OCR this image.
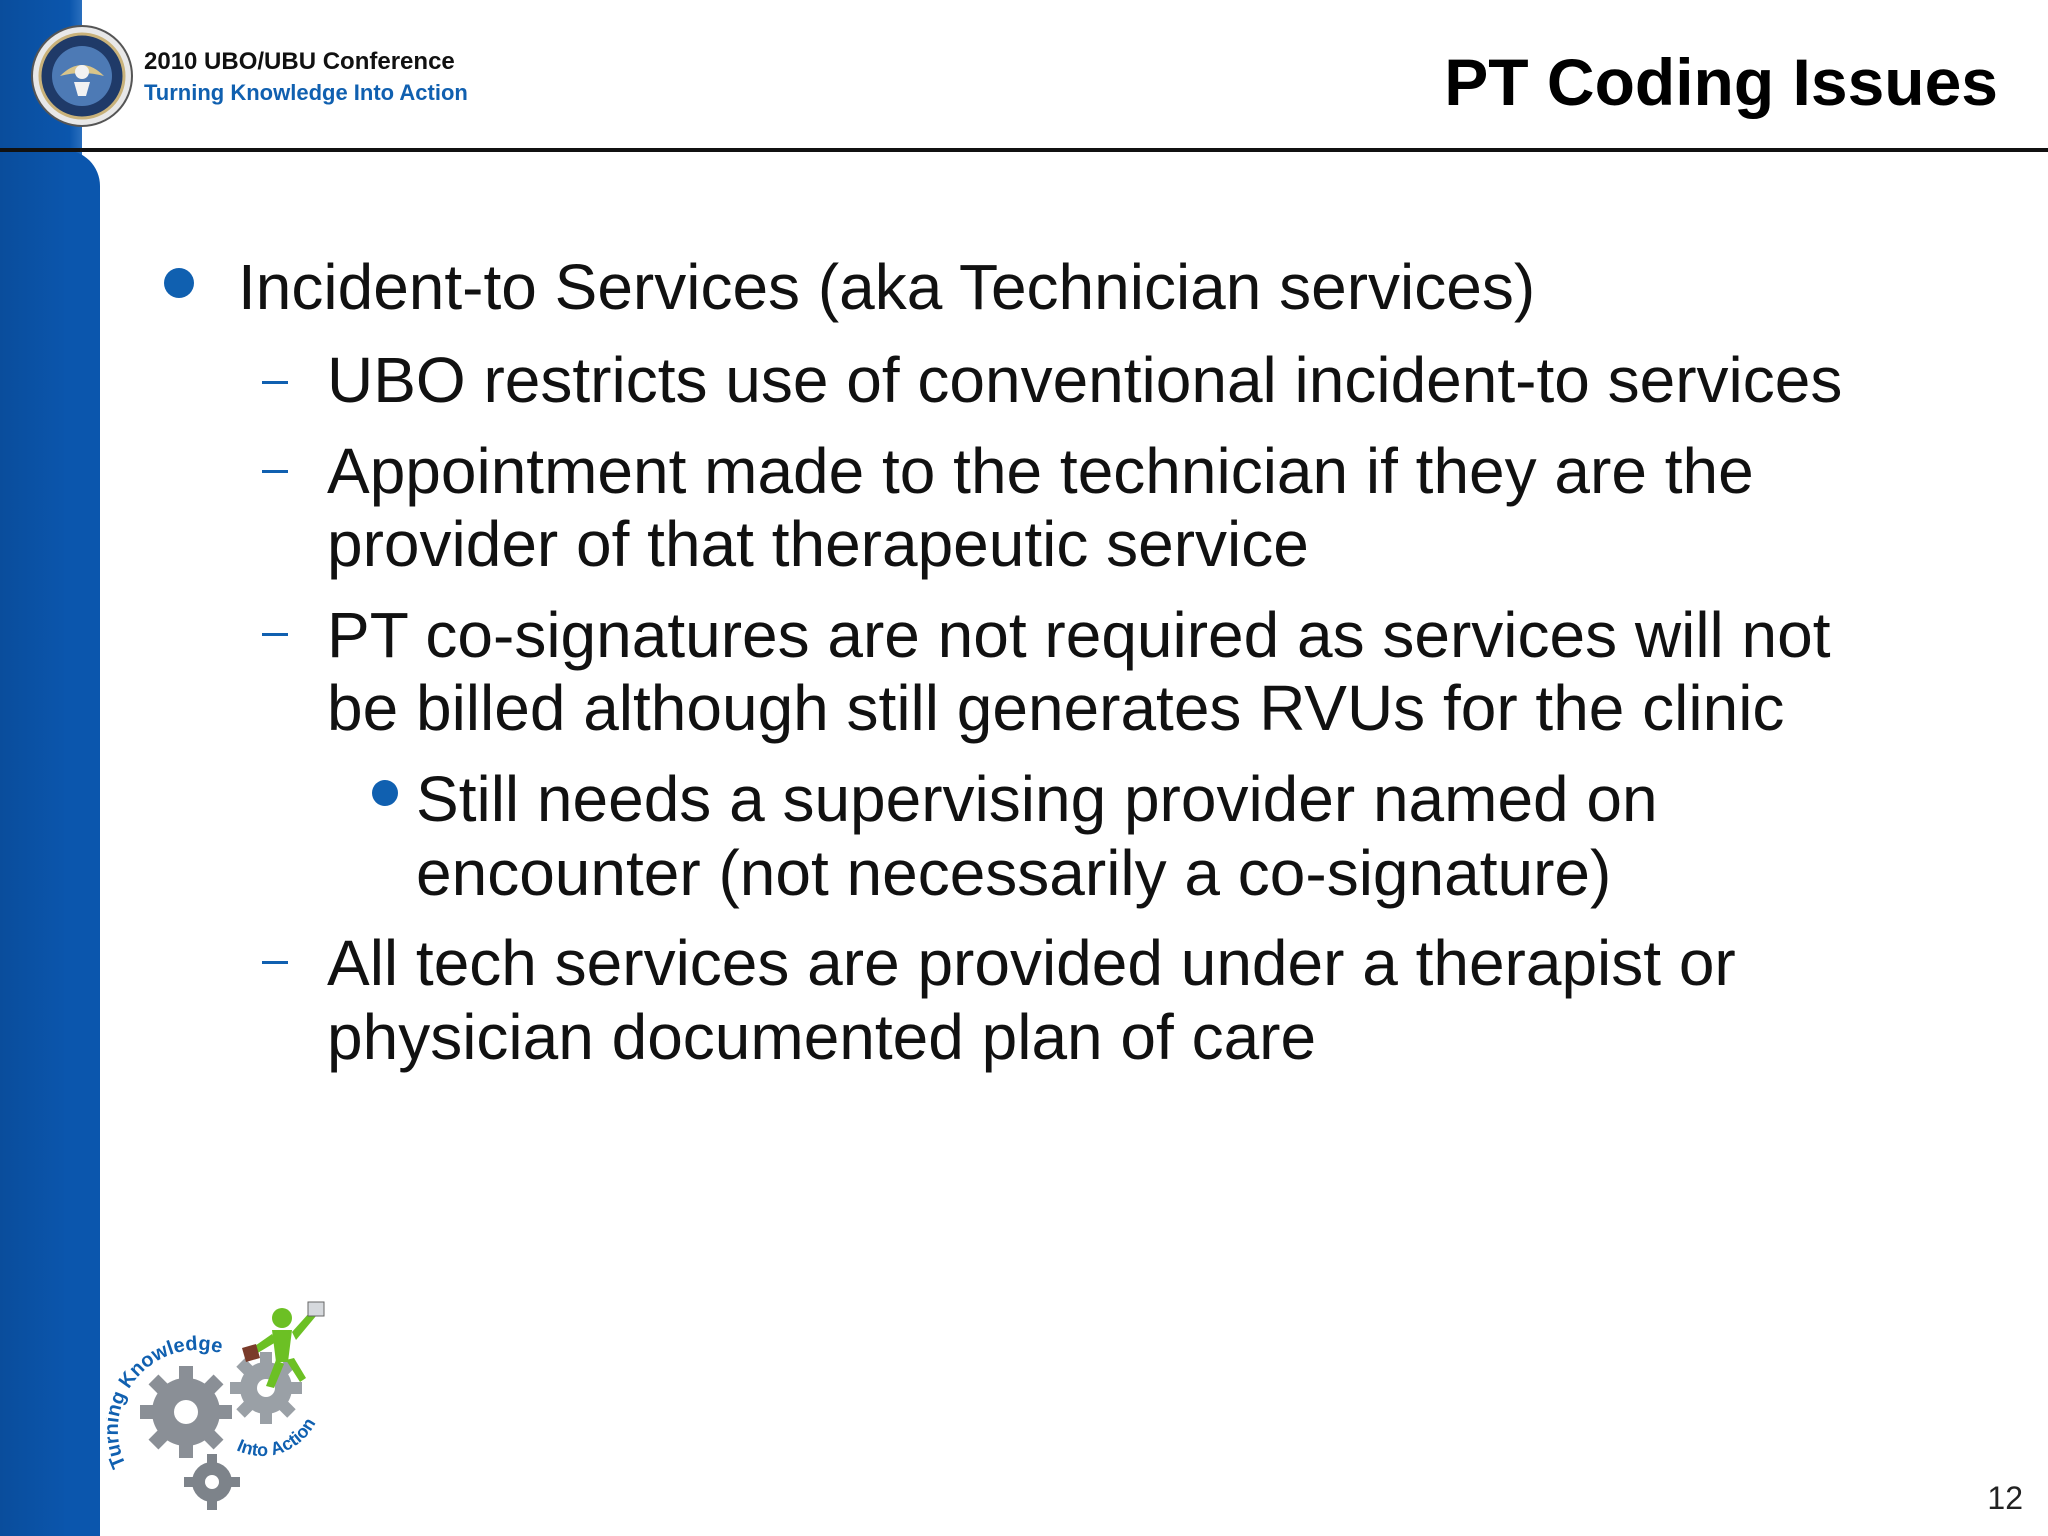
2010 UBO/UBU Conference
Turning Knowledge Into Action	PT Coding Issues
Incident-to Services (aka Technician services)
UBO restricts use of conventional incident-to services
Appointment made to the technician if they are the
provider of that therapeutic service
PT co-signatures are not required as services will not
be billed although still generates RVUs for the clinic
Still needs a supervising provider named on
encounter (not necessarily a co-signature)
All tech services are provided under a therapist or
physician documented plan of care
T g Knowledge
Into Action
12
